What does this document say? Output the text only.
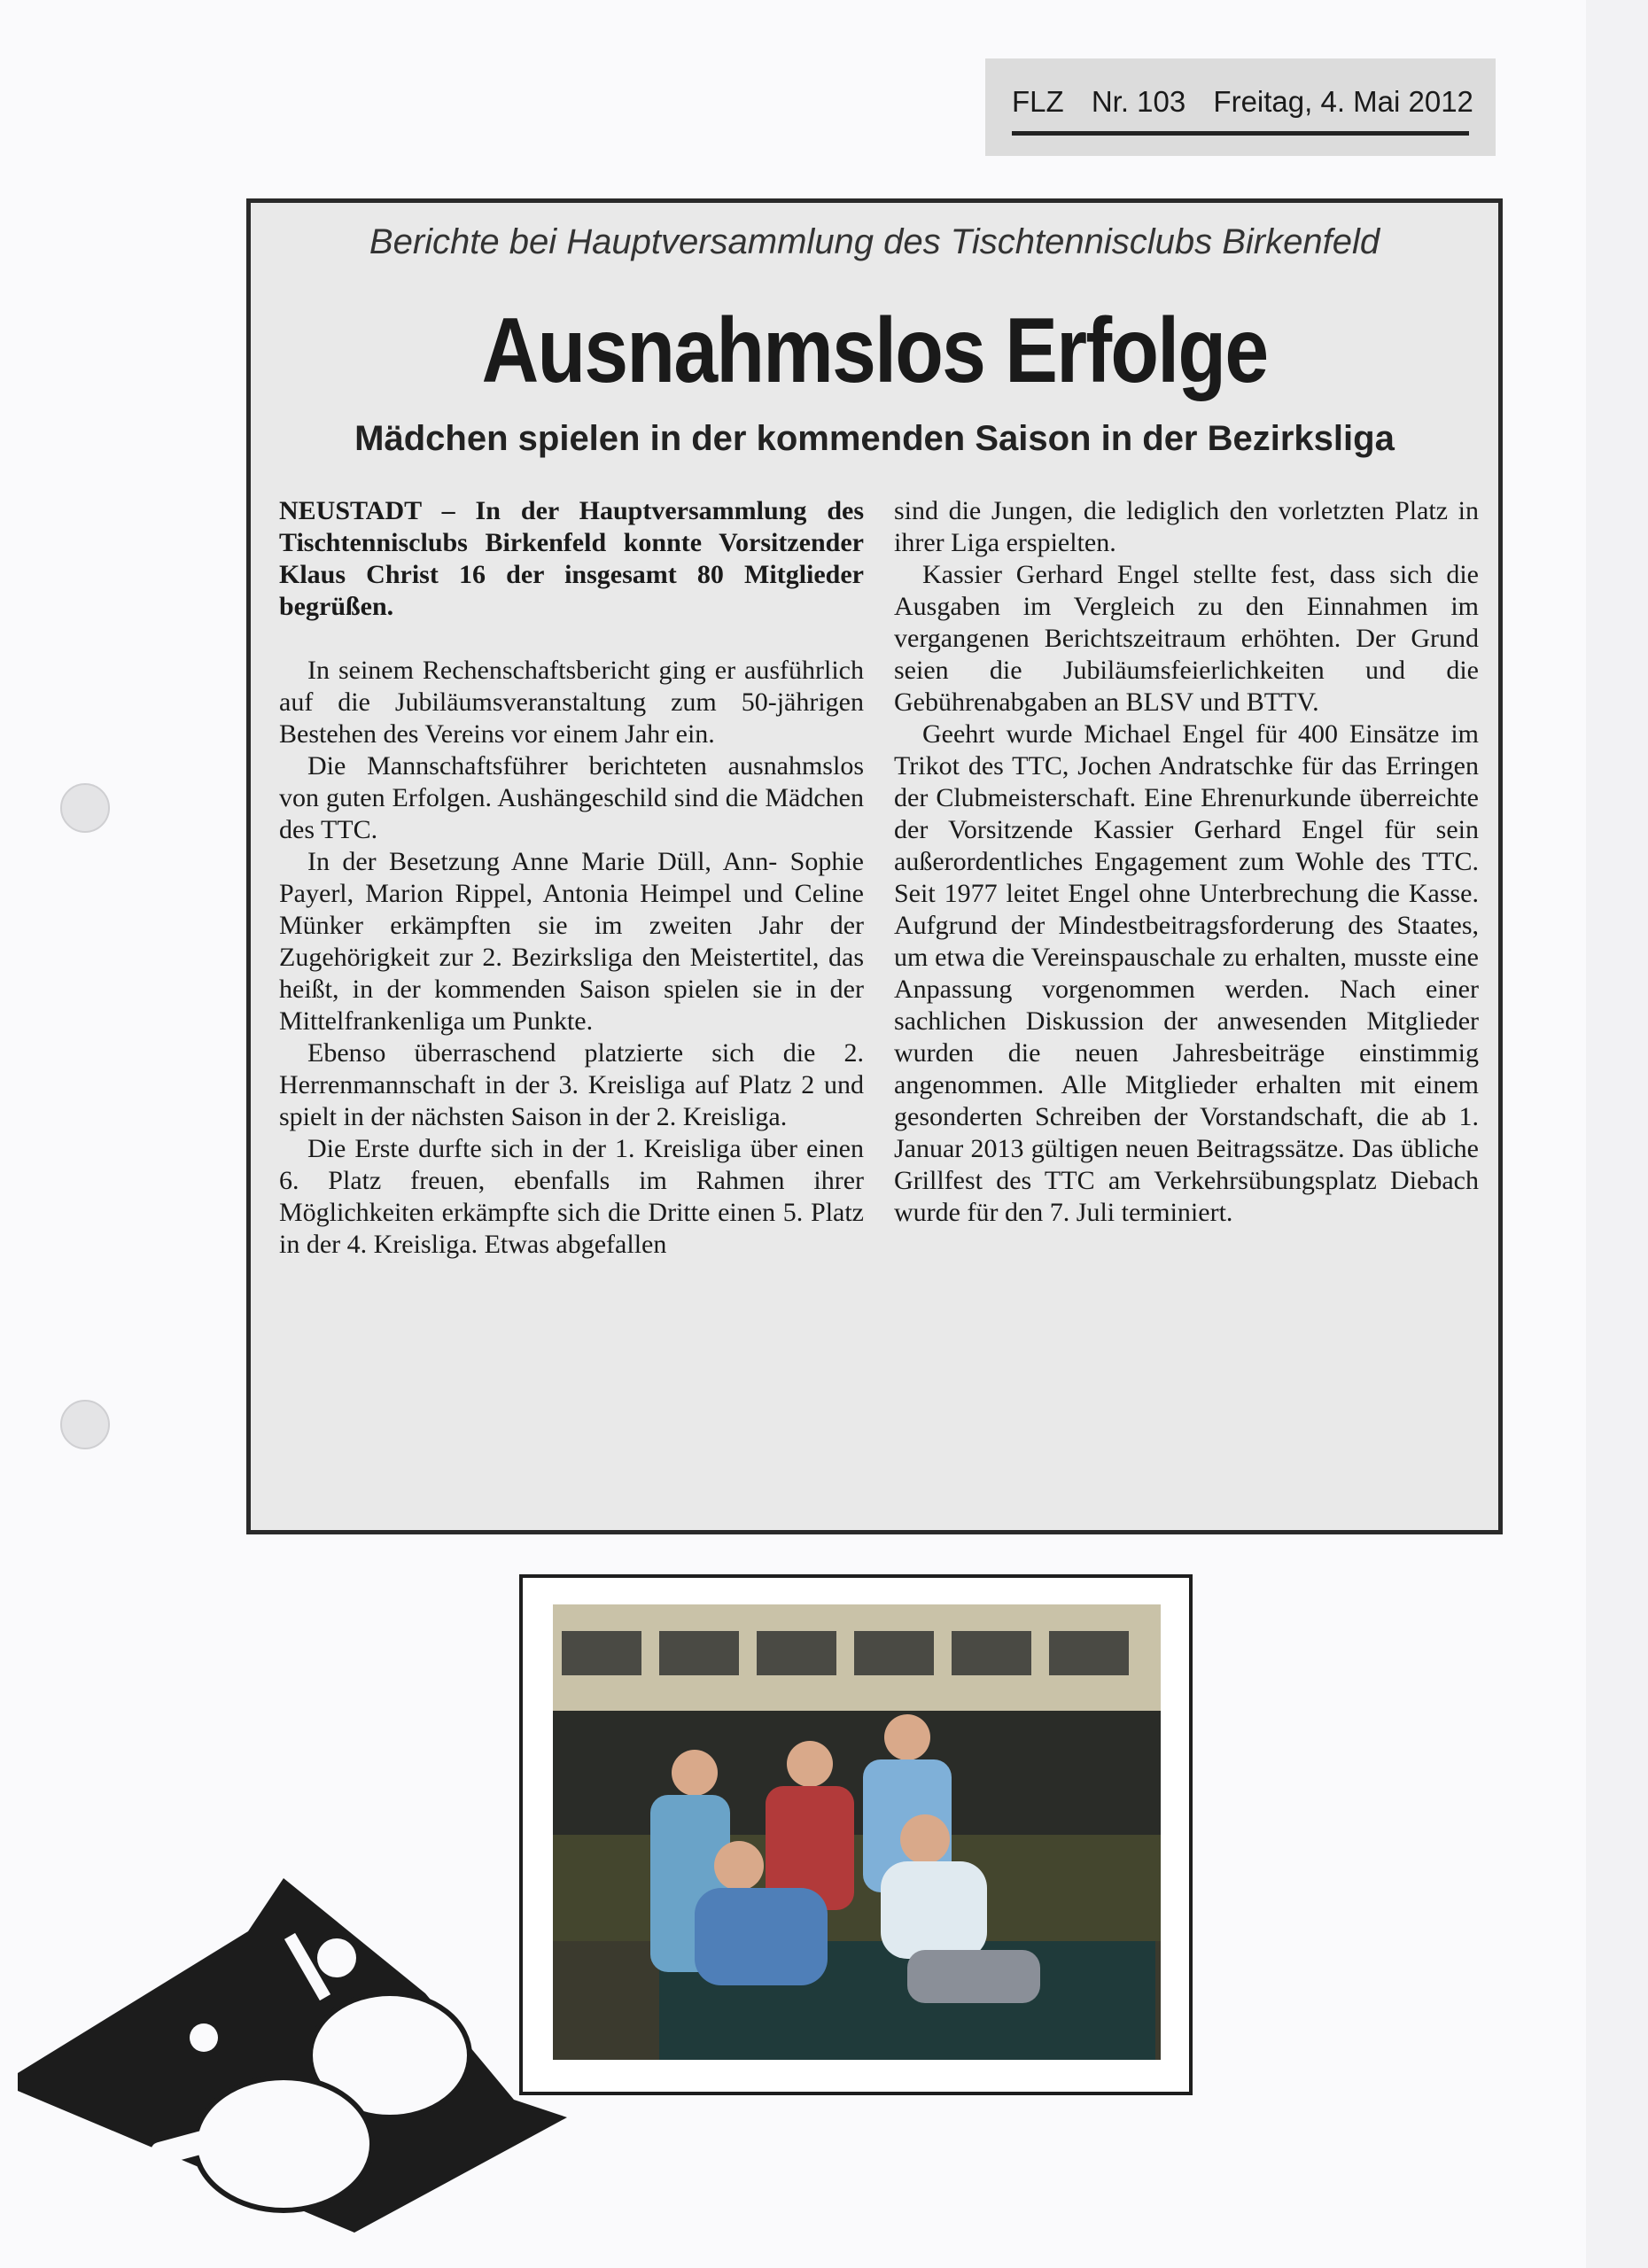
FLZ Nr. 103 Freitag, 4. Mai 2012
Berichte bei Hauptversammlung des Tischtennisclubs Birkenfeld
Ausnahmslos Erfolge
Mädchen spielen in der kommenden Saison in der Bezirksliga

NEUSTADT – In der Hauptversammlung des Tischtennisclubs Birkenfeld konnte Vorsitzender Klaus Christ 16 der insgesamt 80 Mitglieder begrüßen.

In seinem Rechenschaftsbericht ging er ausführlich auf die Jubiläumsveranstaltung zum 50-jährigen Bestehen des Vereins vor einem Jahr ein.

Die Mannschaftsführer berichteten ausnahmslos von guten Erfolgen. Aushängeschild sind die Mädchen des TTC.

In der Besetzung Anne Marie Düll, Ann- Sophie Payerl, Marion Rippel, Antonia Heimpel und Celine Münker erkämpften sie im zweiten Jahr der Zugehörigkeit zur 2. Bezirksliga den Meistertitel, das heißt, in der kommenden Saison spielen sie in der Mittelfrankenliga um Punkte.

Ebenso überraschend platzierte sich die 2. Herrenmannschaft in der 3. Kreisliga auf Platz 2 und spielt in der nächsten Saison in der 2. Kreisliga.

Die Erste durfte sich in der 1. Kreisliga über einen 6. Platz freuen, ebenfalls im Rahmen ihrer Möglichkeiten erkämpfte sich die Dritte einen 5. Platz in der 4. Kreisliga. Etwas abgefallen

sind die Jungen, die lediglich den vorletzten Platz in ihrer Liga erspielten.

Kassier Gerhard Engel stellte fest, dass sich die Ausgaben im Vergleich zu den Einnahmen im vergangenen Berichtszeitraum erhöhten. Der Grund seien die Jubiläumsfeierlichkeiten und die Gebührenabgaben an BLSV und BTTV.

Geehrt wurde Michael Engel für 400 Einsätze im Trikot des TTC, Jochen Andratschke für das Erringen der Clubmeisterschaft. Eine Ehrenurkunde überreichte der Vorsitzende Kassier Gerhard Engel für sein außerordentliches Engagement zum Wohle des TTC. Seit 1977 leitet Engel ohne Unterbrechung die Kasse. Aufgrund der Mindestbeitragsforderung des Staates, um etwa die Vereinspauschale zu erhalten, musste eine Anpassung vorgenommen werden. Nach einer sachlichen Diskussion der anwesenden Mitglieder wurden die neuen Jahresbeiträge einstimmig angenommen. Alle Mitglieder erhalten mit einem gesonderten Schreiben der Vorstandschaft, die ab 1. Januar 2013 gültigen neuen Beitragssätze. Das übliche Grillfest des TTC am Verkehrsübungsplatz Diebach wurde für den 7. Juli terminiert.
